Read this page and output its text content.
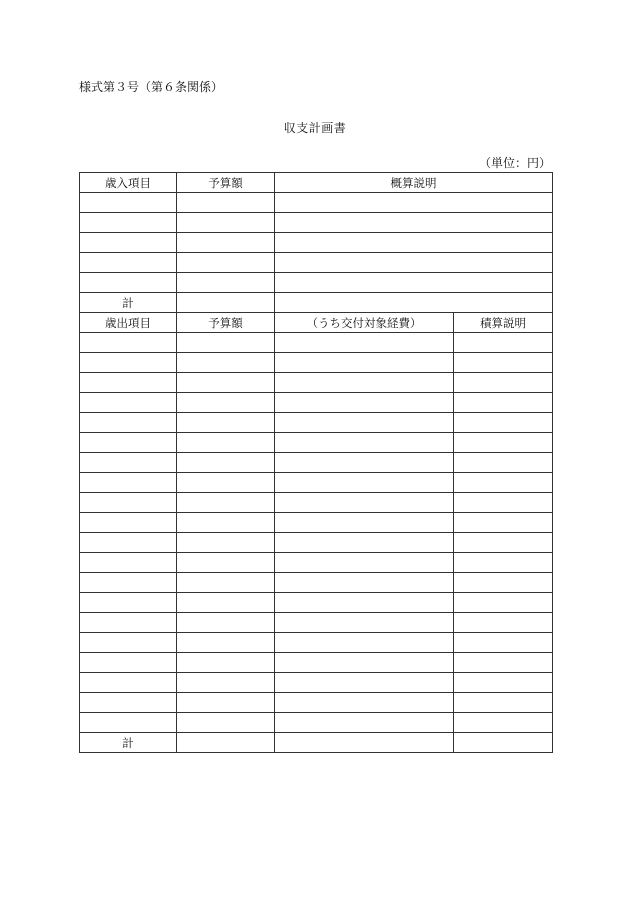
様式第３号（第６条関係）
収支計画書
（単位：円）
歳入項目	予算額	概算説明	

計			
歳出項目	予算額	（うち交付対象経費）	積算説明

計			
